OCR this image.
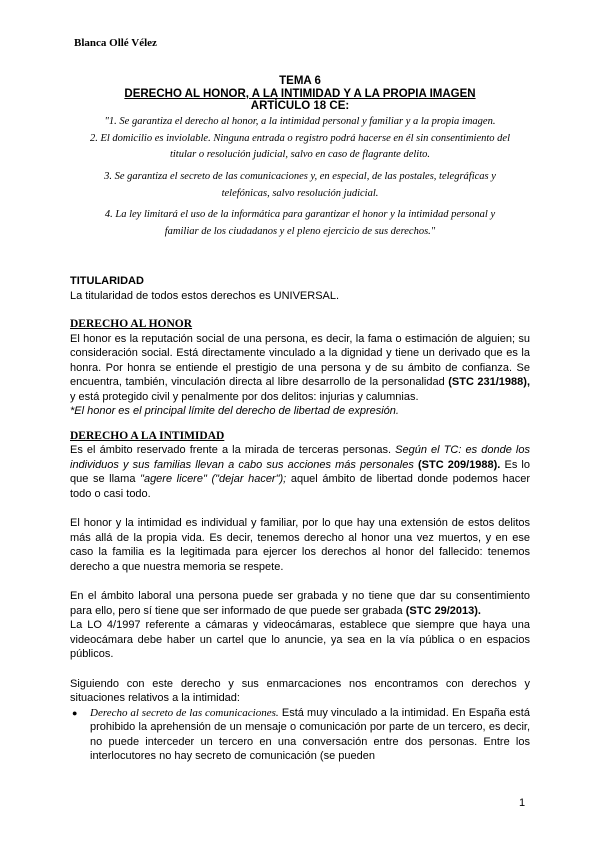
Blanca Ollé Vélez
TEMA 6
DERECHO AL HONOR, A LA INTIMIDAD Y A LA PROPIA IMAGEN
ARTÍCULO 18 CE:
"1. Se garantiza el derecho al honor, a la intimidad personal y familiar y a la propia imagen.
2. El domicilio es inviolable. Ninguna entrada o registro podrá hacerse en él sin consentimiento del
titular o resolución judicial, salvo en caso de flagrante delito.
3. Se garantiza el secreto de las comunicaciones y, en especial, de las postales, telegráficas y
telefónicas, salvo resolución judicial.
4. La ley limitará el uso de la informática para garantizar el honor y la intimidad personal y
familiar de los ciudadanos y el pleno ejercicio de sus derechos."

TITULARIDAD

La titularidad de todos estos derechos es UNIVERSAL.

DERECHO AL HONOR

El honor es la reputación social de una persona, es decir, la fama o estimación de alguien; su consideración social. Está directamente vinculado a la dignidad y tiene un derivado que es la honra. Por honra se entiende el prestigio de una persona y de su ámbito de confianza. Se encuentra, también, vinculación directa al libre desarrollo de la personalidad (STC 231/1988), y está protegido civil y penalmente por dos delitos: injurias y calumnias.

*El honor es el principal límite del derecho de libertad de expresión.

DERECHO A LA INTIMIDAD

Es el ámbito reservado frente a la mirada de terceras personas. Según el TC: es donde los individuos y sus familias llevan a cabo sus acciones más personales (STC 209/1988). Es lo que se llama "agere licere" ("dejar hacer"); aquel ámbito de libertad donde podemos hacer todo o casi todo.

El honor y la intimidad es individual y familiar, por lo que hay una extensión de estos delitos más allá de la propia vida. Es decir, tenemos derecho al honor una vez muertos, y en ese caso la familia es la legitimada para ejercer los derechos al honor del fallecido: tenemos derecho a que nuestra memoria se respete.

En el ámbito laboral una persona puede ser grabada y no tiene que dar su consentimiento para ello, pero sí tiene que ser informado de que puede ser grabada (STC 29/2013).

La LO 4/1997 referente a cámaras y videocámaras, establece que siempre que haya una videocámara debe haber un cartel que lo anuncie, ya sea en la vía pública o en espacios públicos.

Siguiendo con este derecho y sus enmarcaciones nos encontramos con derechos y situaciones relativos a la intimidad:

●	Derecho al secreto de las comunicaciones. Está muy vinculado a la intimidad. En España está prohibido la aprehensión de un mensaje o comunicación por parte de un tercero, es decir, no puede interceder un tercero en una conversación entre dos personas. Entre los interlocutores no hay secreto de comunicación (se pueden
1
